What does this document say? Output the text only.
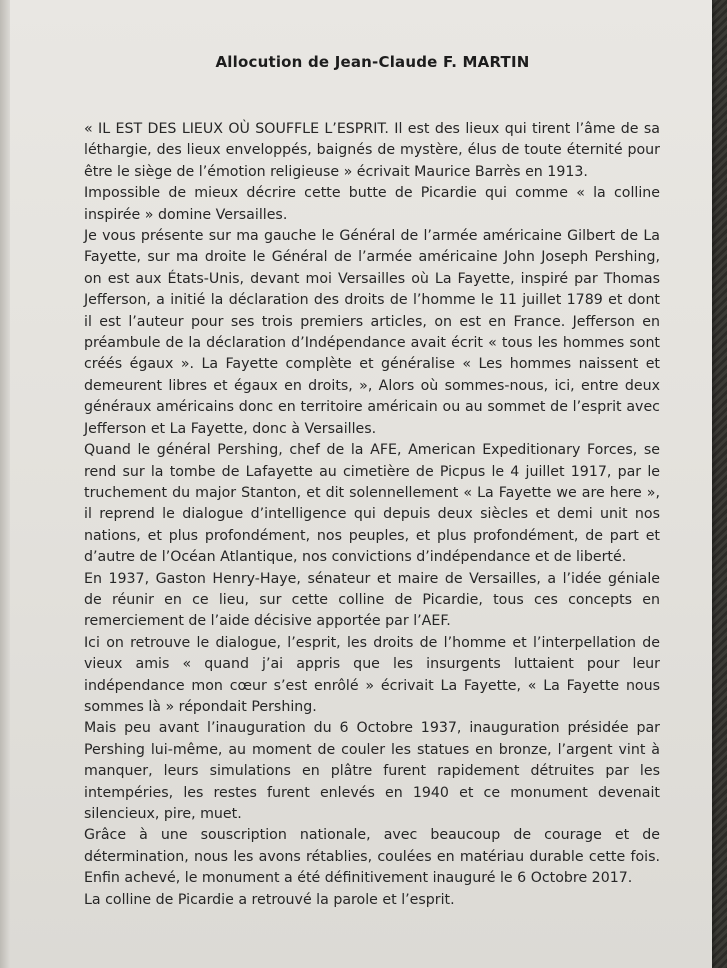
Allocution de Jean-Claude F. MARTIN

« IL EST DES LIEUX OÙ SOUFFLE L’ESPRIT. Il est des lieux qui tirent l’âme de sa léthargie, des lieux enveloppés, baignés de mystère, élus de toute éternité pour être le siège de l’émotion religieuse » écrivait Maurice Barrès en 1913.

Impossible de mieux décrire cette butte de Picardie qui comme « la colline inspirée » domine Versailles.

Je vous présente sur ma gauche le Général de l’armée américaine Gilbert de La Fayette, sur ma droite le Général de l’armée américaine John Joseph Pershing, on est aux États-Unis, devant moi Versailles où La Fayette, inspiré par Thomas Jefferson, a initié la déclaration des droits de l’homme le 11 juillet 1789 et dont il est l’auteur pour ses trois premiers articles, on est en France. Jefferson en préambule de la déclaration d’Indépendance avait écrit « tous les hommes sont créés égaux ». La Fayette complète et généralise « Les hommes naissent et demeurent libres et égaux en droits, », Alors où sommes-nous, ici, entre deux généraux américains donc en territoire américain ou au sommet de l’esprit avec Jefferson et La Fayette, donc à Versailles.

Quand le général Pershing, chef de la AFE, American Expeditionary Forces, se rend sur la tombe de Lafayette au cimetière de Picpus le 4 juillet 1917, par le truchement du major Stanton, et dit solennellement « La Fayette we are here », il reprend le dialogue d’intelligence qui depuis deux siècles et demi unit nos nations, et plus profondément, nos peuples, et plus profondément, de part et d’autre de l’Océan Atlantique, nos convictions d’indépendance et de liberté.

En 1937, Gaston Henry-Haye, sénateur et maire de Versailles, a l’idée géniale de réunir en ce lieu, sur cette colline de Picardie, tous ces concepts en remerciement de l’aide décisive apportée par l’AEF.

Ici on retrouve le dialogue, l’esprit, les droits de l’homme et l’interpellation de vieux amis « quand j’ai appris que les insurgents luttaient pour leur indépendance mon cœur s’est enrôlé » écrivait La Fayette, « La Fayette nous sommes là » répondait Pershing.

Mais peu avant l’inauguration du 6 Octobre 1937, inauguration présidée par Pershing lui-même, au moment de couler les statues en bronze, l’argent vint à manquer, leurs simulations en plâtre furent rapidement détruites par les intempéries, les restes furent enlevés en 1940 et ce monument devenait silencieux, pire, muet.

Grâce à une souscription nationale, avec beaucoup de courage et de détermination, nous les avons rétablies, coulées en matériau durable cette fois. Enfin achevé, le monument a été définitivement inauguré le 6 Octobre 2017.

La colline de Picardie a retrouvé la parole et l’esprit.
